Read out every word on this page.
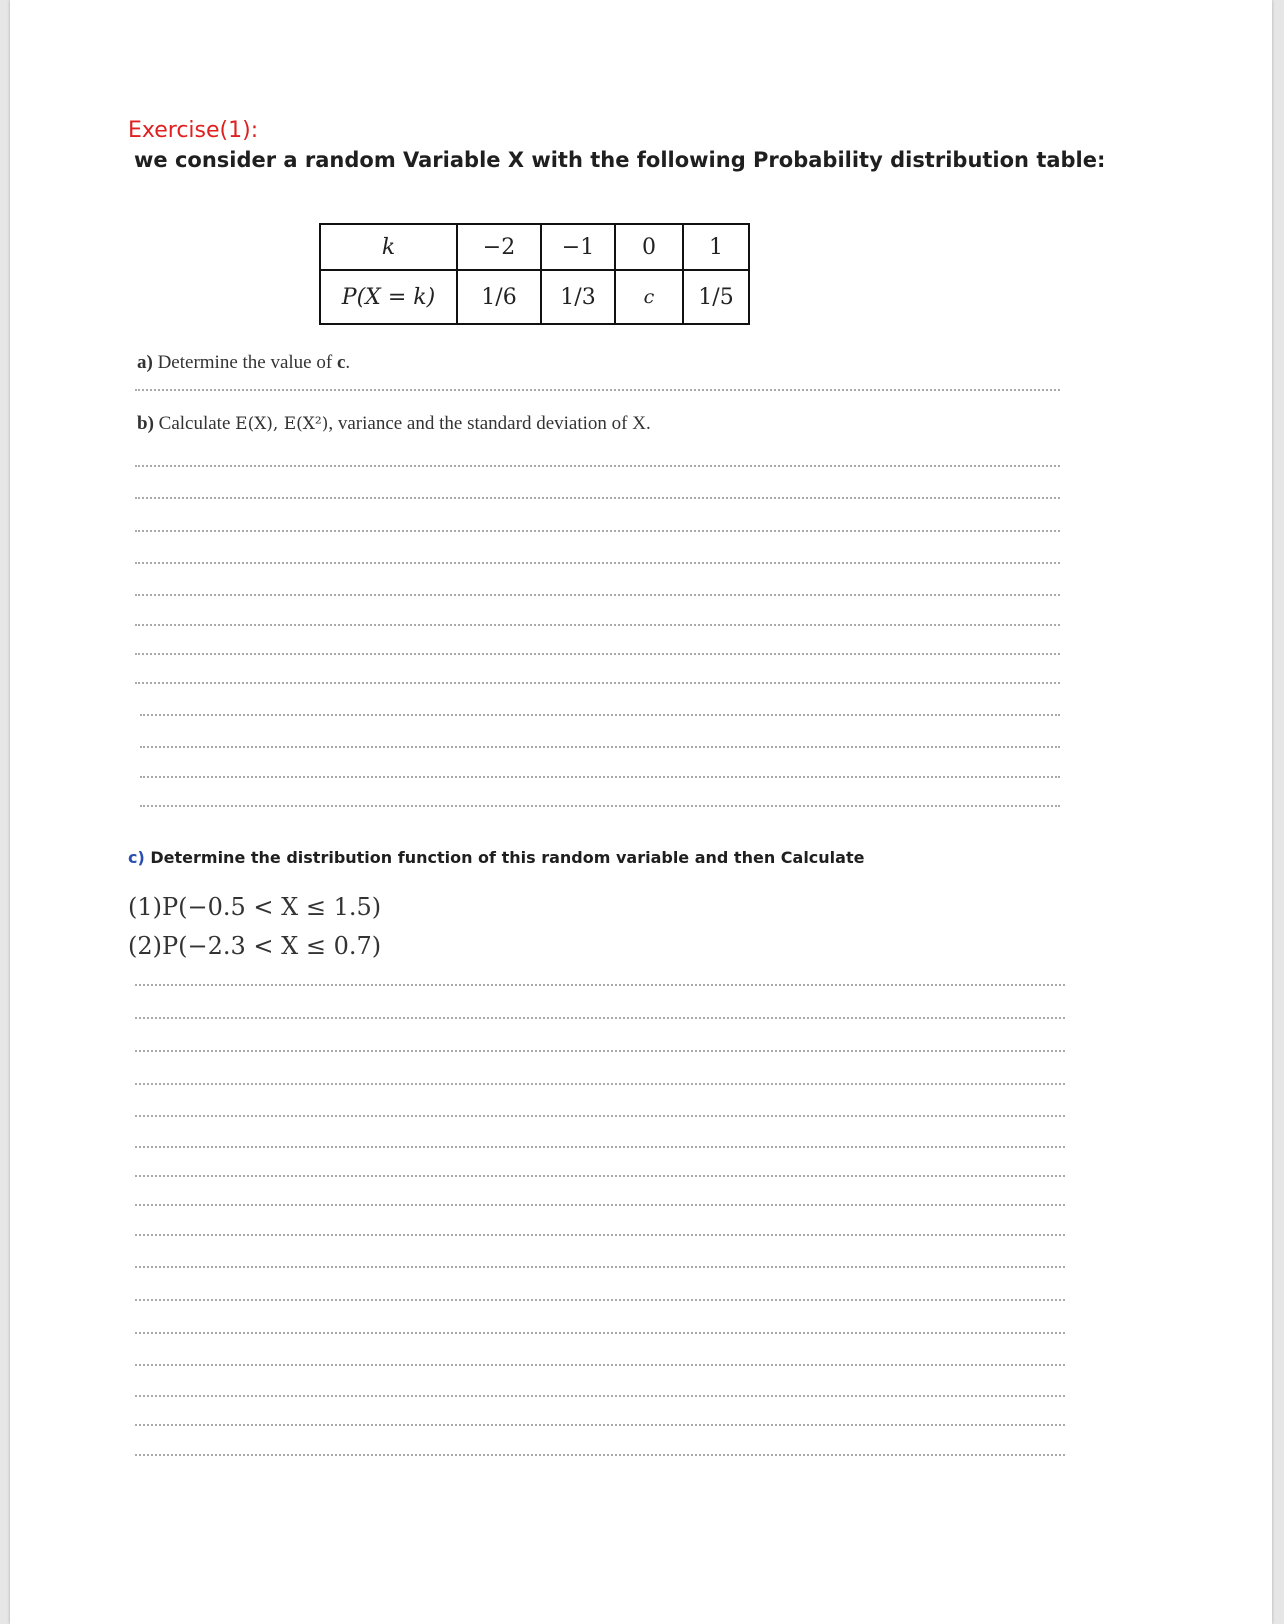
Exercise(1):
we consider a random Variable X with the following Probability distribution table:
k	−2	−1	0	1
P(X = k)	1/6	1/3	c	1/5
a) Determine the value of c.
b) Calculate E(X), E(X²), variance and the standard deviation of X.
c) Determine the distribution function of this random variable and then Calculate
(1)P(−0.5 < X ≤ 1.5)
(2)P(−2.3 < X ≤ 0.7)
